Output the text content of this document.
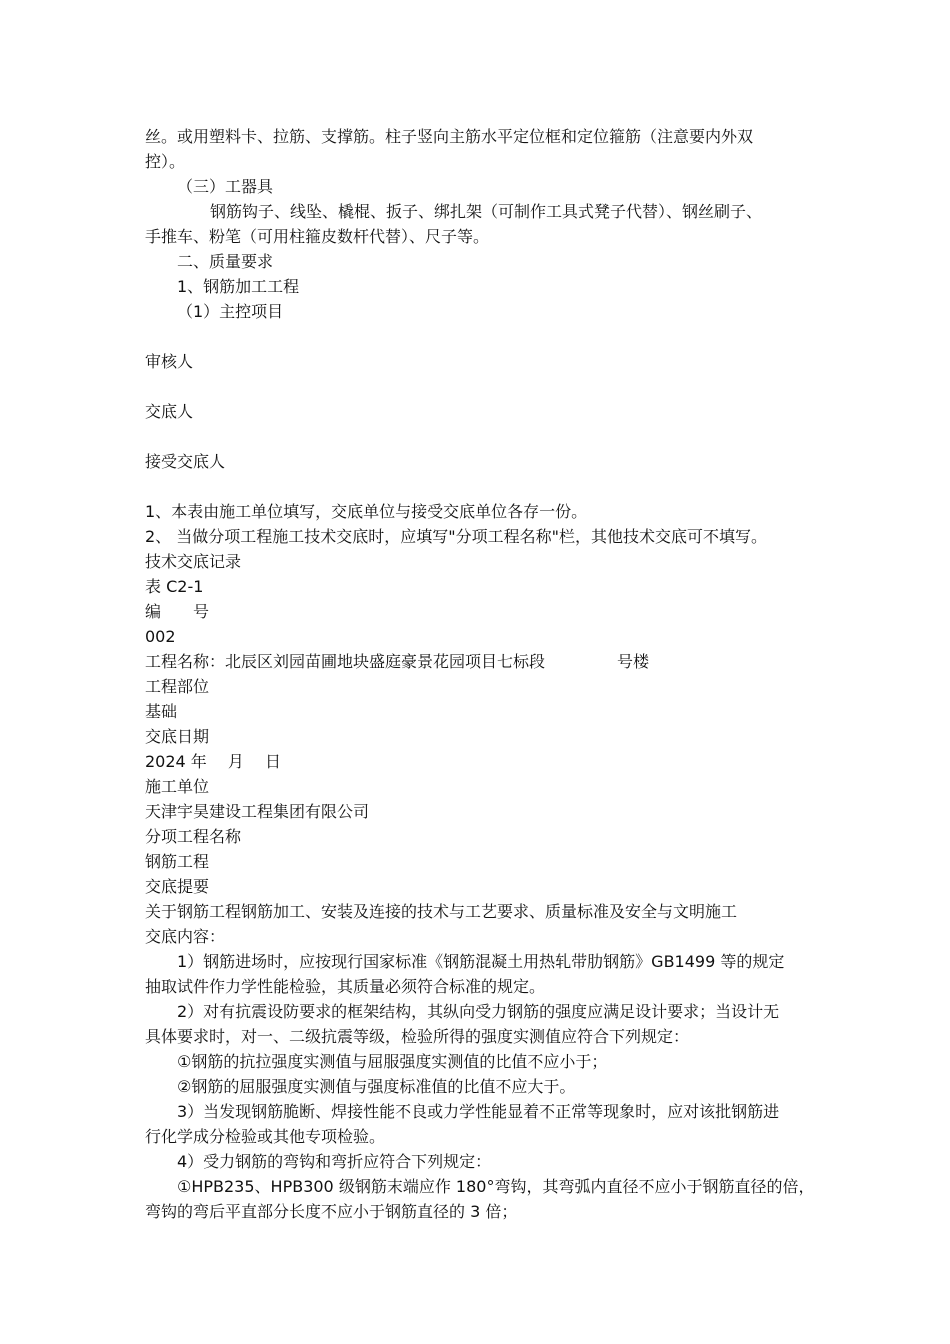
丝。或用塑料卡、拉筋、支撑筋。柱子竖向主筋水平定位框和定位箍筋（注意要内外双
控）。
（三）工器具
钢筋钩子、线坠、橇棍、扳子、绑扎架（可制作工具式凳子代替）、钢丝刷子、
手推车、粉笔（可用柱箍皮数杆代替）、尺子等。
二、质量要求
1、钢筋加工工程
（1）主控项目
审核人
交底人
接受交底人
1、本表由施工单位填写，交底单位与接受交底单位各存一份。
2、 当做分项工程施工技术交底时，应填写"分项工程名称"栏，其他技术交底可不填写。
技术交底记录
表 C2-1
编　　号
002
工程名称：北辰区刘园苗圃地块盛庭豪景花园项目七标段	号楼
工程部位
基础
交底日期
2024 年　 月　 日
施工单位
天津宇昊建设工程集团有限公司
分项工程名称
钢筋工程
交底提要
关于钢筋工程钢筋加工、安装及连接的技术与工艺要求、质量标准及安全与文明施工
交底内容：
1）钢筋进场时，应按现行国家标准《钢筋混凝土用热轧带肋钢筋》GB1499 等的规定
抽取试件作力学性能检验，其质量必须符合标准的规定。
2）对有抗震设防要求的框架结构，其纵向受力钢筋的强度应满足设计要求；当设计无
具体要求时，对一、二级抗震等级，检验所得的强度实测值应符合下列规定：
①钢筋的抗拉强度实测值与屈服强度实测值的比值不应小于；
②钢筋的屈服强度实测值与强度标准值的比值不应大于。
3）当发现钢筋脆断、焊接性能不良或力学性能显着不正常等现象时，应对该批钢筋进
行化学成分检验或其他专项检验。
4）受力钢筋的弯钩和弯折应符合下列规定：
①HPB235、HPB300 级钢筋末端应作 180°弯钩，其弯弧内直径不应小于钢筋直径的倍，
弯钩的弯后平直部分长度不应小于钢筋直径的 3 倍；
